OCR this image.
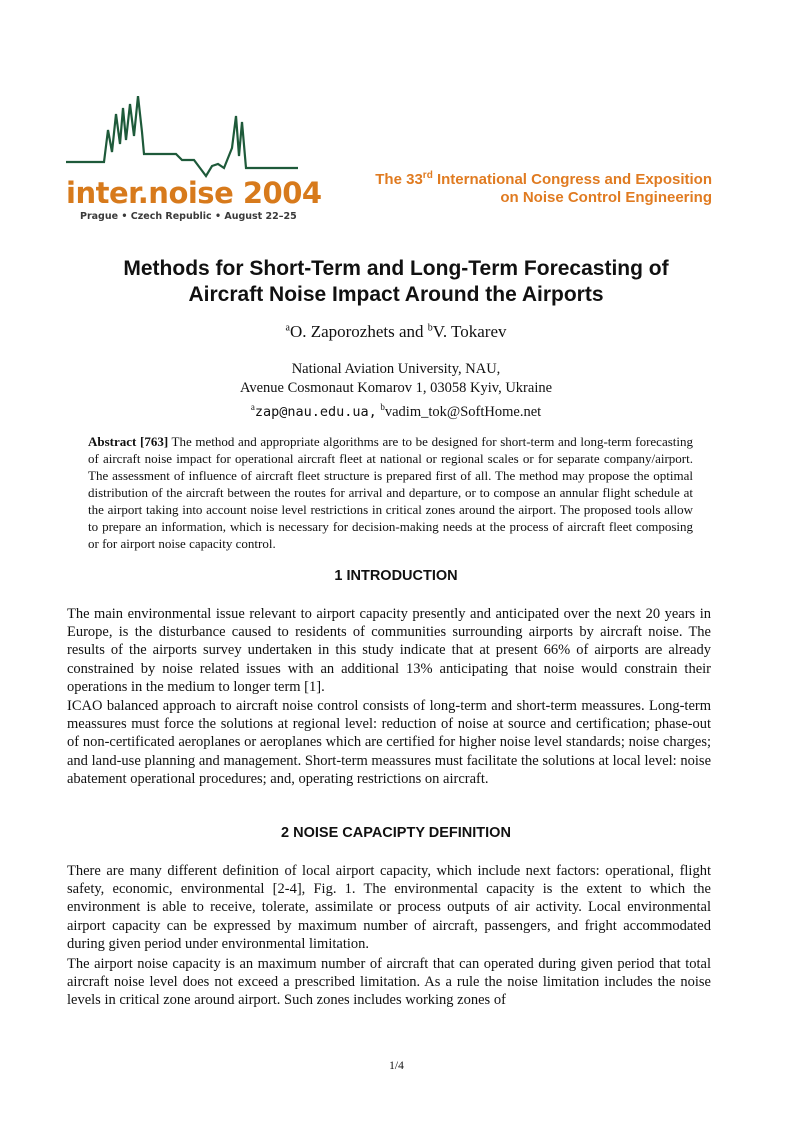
inter.noise 2004
Prague • Czech Republic • August 22–25
The 33rd International Congress and Exposition
on Noise Control Engineering
Methods for Short-Term and Long-Term Forecasting of
Aircraft Noise Impact Around the Airports
$^a$O. Zaporozhets and $^b$V. Tokarev
National Aviation University, NAU,
Avenue Cosmonaut Komarov 1, 03058 Kyiv, Ukraine
$^a$zap@nau.edu.ua, $^b$vadim_tok@SoftHome.net
Abstract [763] The method and appropriate algorithms are to be designed for short-term and long-term forecasting of aircraft noise impact for operational aircraft fleet at national or regional scales or for separate company/airport. The assessment of influence of aircraft fleet structure is prepared first of all. The method may propose the optimal distribution of the aircraft between the routes for arrival and departure, or to compose an annular flight schedule at the airport taking into account noise level restrictions in critical zones around the airport. The proposed tools allow to prepare an information, which is necessary for decision-making needs at the process of aircraft fleet composing or for airport noise capacity control.
1 INTRODUCTION

The main environmental issue relevant to airport capacity presently and anticipated over the next 20 years in Europe, is the disturbance caused to residents of communities surrounding airports by aircraft noise. The results of the airports survey undertaken in this study indicate that at present 66% of airports are already constrained by noise related issues with an additional 13% anticipating that noise would constrain their operations in the medium to longer term [1].

ICAO balanced approach to aircraft noise control consists of long-term and short-term meassures. Long-term meassures must force the solutions at regional level: reduction of noise at source and certification; phase-out of non-certificated aeroplanes or aeroplanes which are certified for higher noise level standards; noise charges; and land-use planning and management. Short-term meassures must facilitate the solutions at local level: noise abatement operational procedures; and, operating restrictions on aircraft.

2 NOISE CAPACIPTY DEFINITION

There are many different definition of local airport capacity, which include next factors: operational, flight safety, economic, environmental [2-4], Fig. 1. The environmental capacity is the extent to which the environment is able to receive, tolerate, assimilate or process outputs of air activity. Local environmental airport capacity can be expressed by maximum number of aircraft, passengers, and fright accommodated during given period under environmental limitation.

The airport noise capacity is an maximum number of aircraft that can operated during given period that total aircraft noise level does not exceed a prescribed limitation. As a rule the noise limitation includes the noise levels in critical zone around airport. Such zones includes working zones of

1/4
